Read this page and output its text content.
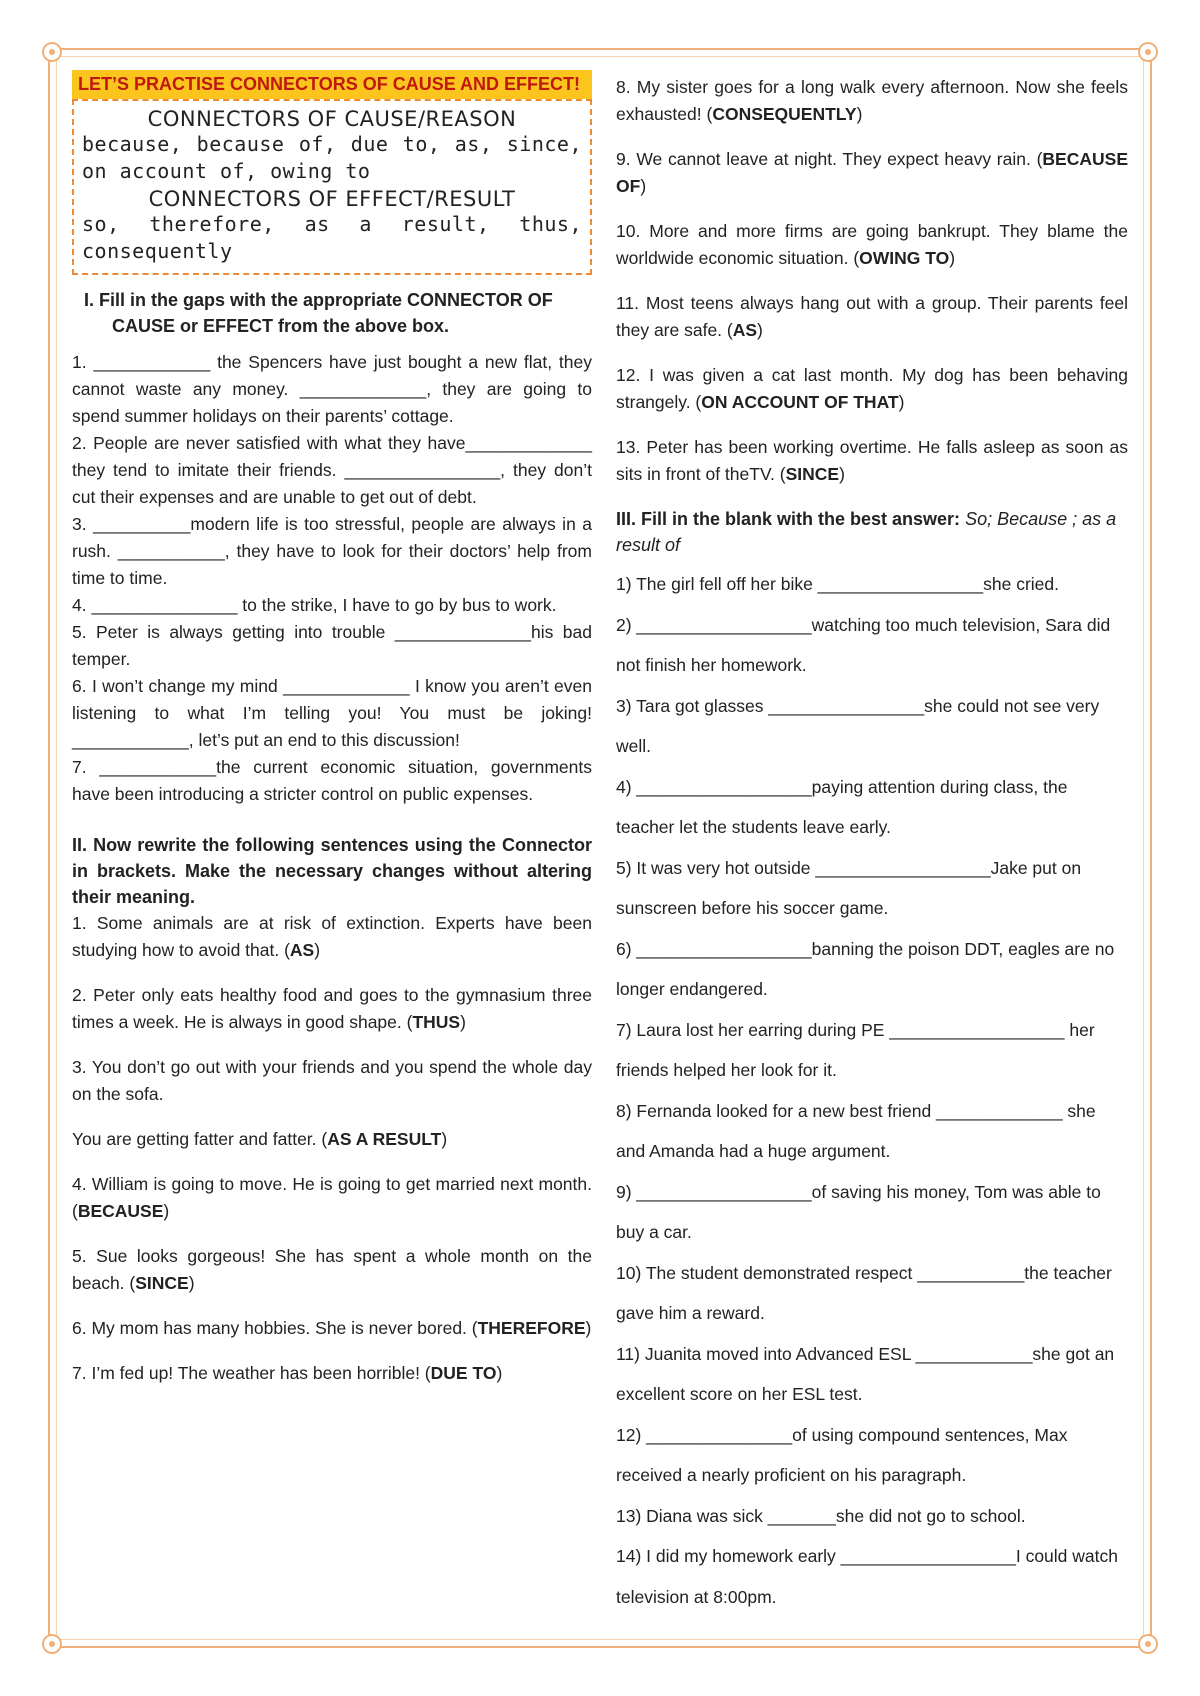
LET’S PRACTISE CONNECTORS OF CAUSE AND EFFECT!
CONNECTORS OF CAUSE/REASON
because, because of, due to, as, since, on account of, owing to
CONNECTORS OF EFFECT/RESULT
so, therefore, as a result, thus, consequently
I. Fill in the gaps with the appropriate CONNECTOR OF CAUSE or EFFECT from the above box.

1. ____________ the Spencers have just bought a new flat, they cannot waste any money. _____________, they are going to spend summer holidays on their parents’ cottage.

2. People are never satisfied with what they have_____________ they tend to imitate their friends. ________________, they don’t cut their expenses and are unable to get out of debt.

3. __________modern life is too stressful, people are always in a rush. ___________, they have to look for their doctors’ help from time to time.

4. _______________ to the strike, I have to go by bus to work.

5. Peter is always getting into trouble ______________his bad temper.

6. I won’t change my mind _____________ I know you aren’t even listening to what I’m telling you! You must be joking! ____________, let’s put an end to this discussion!

7. ____________the current economic situation, governments have been introducing a stricter control on public expenses.

II. Now rewrite the following sentences using the Connector in brackets. Make the necessary changes without altering their meaning.

1. Some animals are at risk of extinction. Experts have been studying how to avoid that. (AS)

2. Peter only eats healthy food and goes to the gymnasium three times a week. He is always in good shape. (THUS)

3. You don’t go out with your friends and you spend the whole day on the sofa.

You are getting fatter and fatter. (AS A RESULT)

4. William is going to move. He is going to get married next month. (BECAUSE)

5. Sue looks gorgeous! She has spent a whole month on the beach. (SINCE)

6. My mom has many hobbies. She is never bored. (THEREFORE)

7. I’m fed up! The weather has been horrible! (DUE TO)

8. My sister goes for a long walk every afternoon. Now she feels exhausted! (CONSEQUENTLY)

9. We cannot leave at night. They expect heavy rain. (BECAUSE OF)

10. More and more firms are going bankrupt. They blame the worldwide economic situation. (OWING TO)

11. Most teens always hang out with a group. Their parents feel they are safe. (AS)

12. I was given a cat last month. My dog has been behaving strangely. (ON ACCOUNT OF THAT)

13. Peter has been working overtime. He falls asleep as soon as sits in front of theTV. (SINCE)

III. Fill in the blank with the best answer: So; Because ; as a result of

1) The girl fell off her bike _________________she cried.

2) __________________watching too much television, Sara did not finish her homework.

3) Tara got glasses ________________she could not see very well.

4) __________________paying attention during class, the teacher let the students leave early.

5) It was very hot outside __________________Jake put on sunscreen before his soccer game.

6) __________________banning the poison DDT, eagles are no longer endangered.

7) Laura lost her earring during PE __________________ her friends helped her look for it.

8) Fernanda looked for a new best friend _____________ she and Amanda had a huge argument.

9) __________________of saving his money, Tom was able to buy a car.

10) The student demonstrated respect ___________the teacher gave him a reward.

11) Juanita moved into Advanced ESL ____________she got an excellent score on her ESL test.

12) _______________of using compound sentences, Max received a nearly proficient on his paragraph.

13) Diana was sick _______she did not go to school.

14) I did my homework early __________________I could watch television at 8:00pm.
